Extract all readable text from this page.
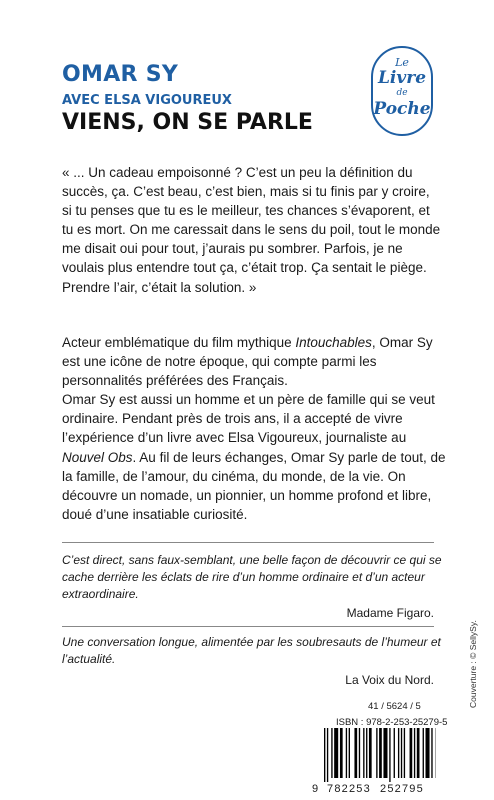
OMAR SY
AVEC ELSA VIGOUREUX
VIENS, ON SE PARLE
Le
Livre
de
Poche

« ... Un cadeau empoisonné ? C’est un peu la définition du succès, ça. C’est beau, c’est bien, mais si tu finis par y croire, si tu penses que tu es le meilleur, tes chances s’évaporent, et tu es mort. On me caressait dans le sens du poil, tout le monde me disait oui pour tout, j’aurais pu sombrer. Parfois, je ne voulais plus entendre tout ça, c’était trop. Ça sentait le piège. Prendre l’air, c’était la solution. »

Acteur emblématique du film mythique Intouchables, Omar Sy est une icône de notre époque, qui compte parmi les personnalités préférées des Français.
Omar Sy est aussi un homme et un père de famille qui se veut ordinaire. Pendant près de trois ans, il a accepté de vivre l’expérience d’un livre avec Elsa Vigoureux, journaliste au Nouvel Obs. Au fil de leurs échanges, Omar Sy parle de tout, de la famille, de l’amour, du cinéma, du monde, de la vie. On découvre un nomade, un pionnier, un homme profond et libre, doué d’une insatiable curiosité.

C’est direct, sans faux-semblant, une belle façon de découvrir ce qui se cache derrière les éclats de rire d’un homme ordinaire et d’un acteur extraordinaire.

Madame Figaro.

Une conversation longue, alimentée par les soubresauts de l’humeur et l’actualité.

La Voix du Nord.	Couverture : © SellySy.
41 / 5624 / 5
ISBN : 978-2-253-25279-5
9 782253 252795
